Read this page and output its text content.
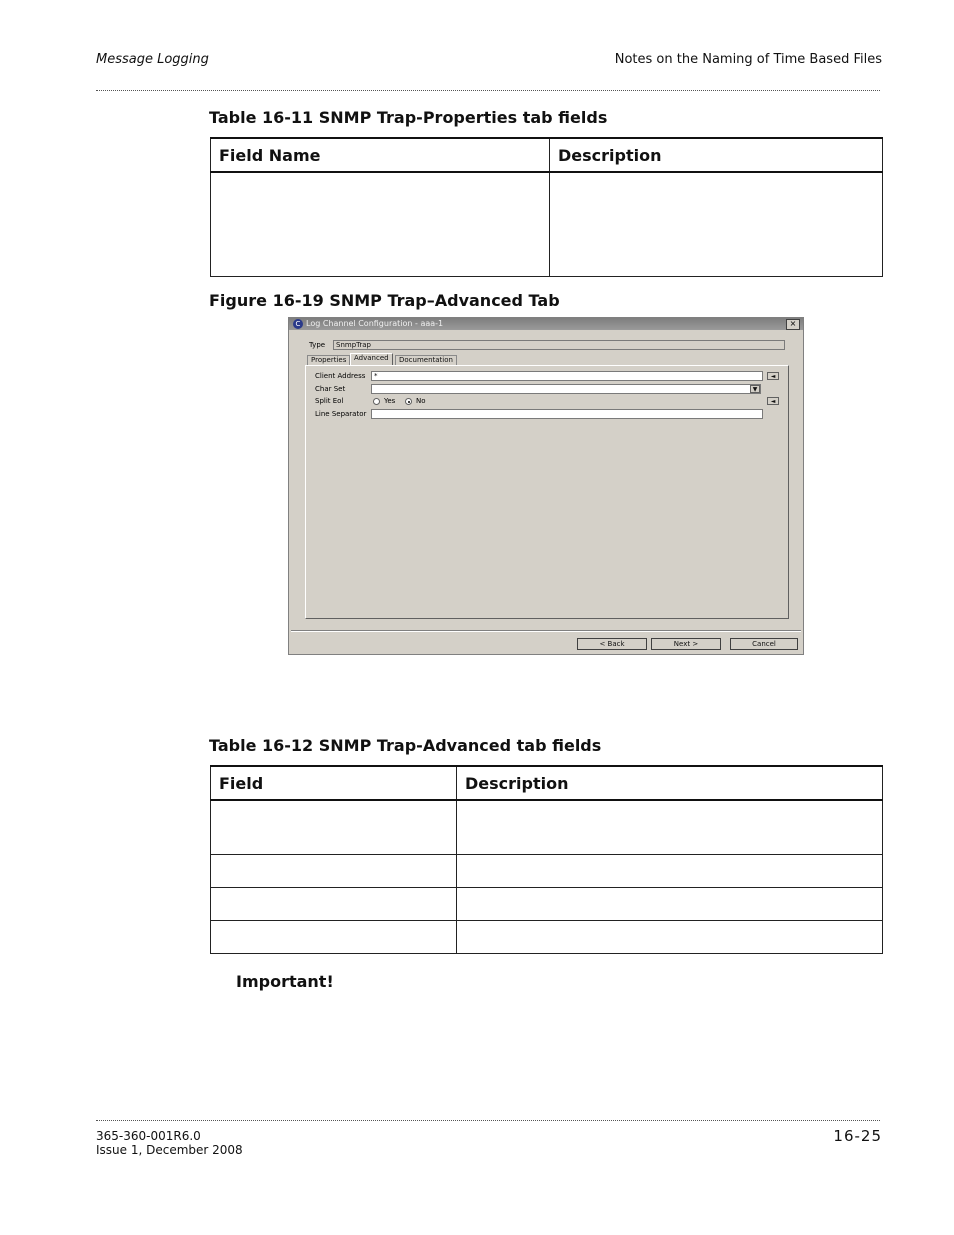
Message Logging	Notes on the Naming of Time Based Files
Table 16-11 SNMP Trap-Properties tab fields
Field Name	Description

Figure 16-19 SNMP Trap–Advanced Tab
C Log Channel Configuration - aaa-1	×
Type	SnmpTrap
Properties	Advanced	Documentation
Client Address	*	◄
Char Set	▼
Split Eol	Yes	No	◄
Line Separator
< Back	Next >	Cancel
Table 16-12 SNMP Trap-Advanced tab fields
Field	Description

Important!
365-360-001R6.0
Issue 1, December 2008
16-25
